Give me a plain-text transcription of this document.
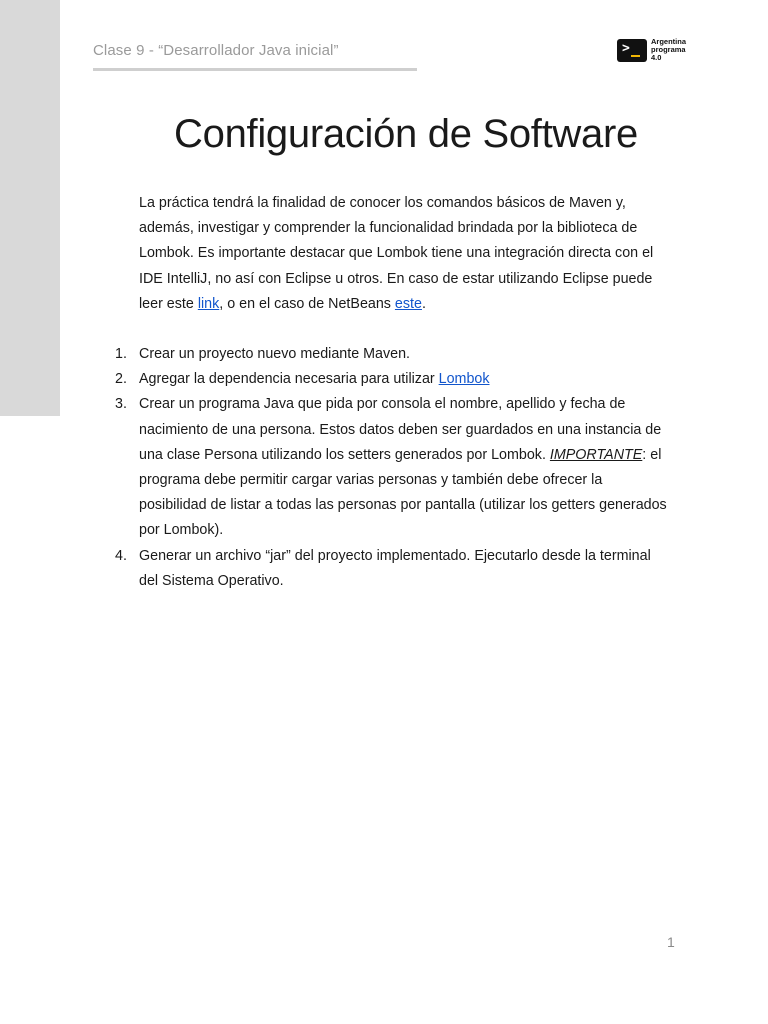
Clase 9 - “Desarrollador Java inicial”	>	Argentina
programa
4.0
Configuración de Software

La práctica tendrá la finalidad de conocer los comandos básicos de Maven y, además, investigar y comprender la funcionalidad brindada por la biblioteca de Lombok. Es importante destacar que Lombok tiene una integración directa con el IDE IntelliJ, no así con Eclipse u otros. En caso de estar utilizando Eclipse puede leer este link, o en el caso de NetBeans este.

1. Crear un proyecto nuevo mediante Maven.
2. Agregar la dependencia necesaria para utilizar Lombok
3. Crear un programa Java que pida por consola el nombre, apellido y fecha de nacimiento de una persona. Estos datos deben ser guardados en una instancia de una clase Persona utilizando los setters generados por Lombok. IMPORTANTE: el programa debe permitir cargar varias personas y también debe ofrecer la posibilidad de listar a todas las personas por pantalla (utilizar los getters generados por Lombok).
4. Generar un archivo “jar” del proyecto implementado. Ejecutarlo desde la terminal del Sistema Operativo.
1
